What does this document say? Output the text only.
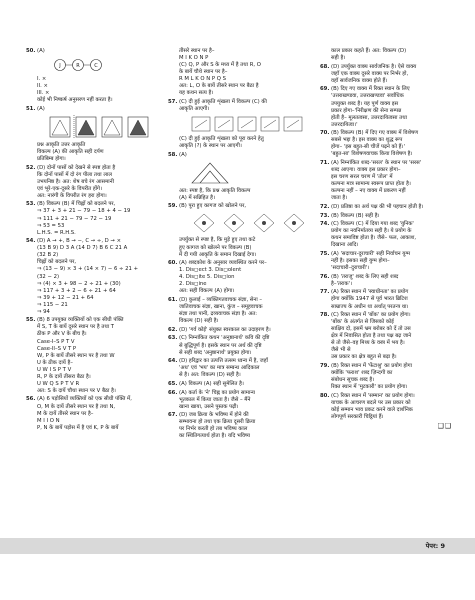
50. (A)

J	R	C

I. ×

II. ×

III. ×

कोई भी निष्कर्ष अनुसरण नहीं करता है।

51. (A)

प्रश्न आकृति उत्तर आकृति

विकल्प (A) की आकृति सही दर्पण

प्रतिबिम्ब होगा।

52. (D) दोनों पासों को देखने से स्पष्ट होता है

कि दोनों पासों में दो रंग पीला तथा लाल

उभयनिष्ठ है। अत: शेष बचे रंग आसमानी

एवं भूरे-एक-दूसरे के विपरीत होंगे।

अत: नारंगी के विपरीत रंग हरा होगा।

53. (B) विकल्प (B) में चिह्नों को बदलने पर,

⇒ 37 + 3 + 21 − 79 − 18 + 4 − 19

⇒ 111 + 21 − 79 − 72 − 19

⇒ 53 = 53

L.H.S. = R.H.S.

54. (D) A → +, B → −, C → ÷, D → ×

(13 B 9) D 3 A (14 D 7) B 6 C 21 A

(32 B 2)

चिह्नों को बदलने पर,

⇒ (13 − 9) × 3 + (14 × 7) − 6 ÷ 21 +

(32 − 2)

⇒ (4) × 3 + 98 − 2 ÷ 21 + (30)

⇒ 117 + 3 + 2 − 6 ÷ 21 + 64

⇒ 39 + 12 − 21 + 64

⇒ 115 − 21

⇒ 94

55. (B) 8 उपयुक्त व्यक्तियों को एक सीधी पंक्ति

में S, T के बायें दूसरे स्थान पर है तथा T

ठीक P और V के बीच है।

Case-I–S P T V

Case-II–S V T P

W, P के बायें तीसरे स्थान पर है तथा W

U के ठीक दायें है–

U W I S P T V

R, P के दायें तीसरा बैठा है।

U W Q S P T V R

अत: S के दायें चौथा स्थान पर V बैठा है।

56. (A) 6 पड़ोसियों व्यक्तियों को एक सीधी पंक्ति में,

O, M के दायें तीसरे स्थान पर है तथा N,

M के दायें तीसरे स्थान पर है–

M I I O N

P, N के बायें पड़ोस में है एवं K, P के बायें

तीसरे स्थान पर है–

M I K O N P

(C) Q, P और S के मध्य में है तथा R, O

के बायें चौथे स्थान पर है–

R M L K O N P Q S

अत: L, O के बायें तीसरे स्थान पर बैठा है

यह कथन सत्य है।

57. (C) दी हुई आकृति शृंखला में विकल्प (C) की

आकृति आएगी।

(C) दी हुई आकृति शृंखला को पूरा करने हेतु

आकृति (?) के स्थान पर आएगी।

58. (A)

अत: स्पष्ट है, कि प्रश्न आकृति विकल्प

(A) में सन्निहित है।

59. (B) पूरा हुए कागज को खोलने पर,

उपर्युक्त से स्पष्ट है, कि मुड़े हुए तथा कटे

हुए कागज को खोलने पर विकल्प (B)

में दी गयी आकृति के समान दिखाई देगा।

60. (A) शब्दकोश के अनुसार व्यवस्थित करने पर–

1. Dis◻ect 3. Dis◻olent

4. Dis◻ite 5. Dis◻ion

2. Dis◻ine

अत: सही विकल्प (A) होगा।

61. (D) कुलाई – व्यक्तिगतवाचक संज्ञा, सेना –

जातिवाचक संज्ञा, खाना, कुंज – समूहवाचक

संज्ञा तथा पानी, द्रव्यवाचक संज्ञा है। अत:

विकल्प (D) सही है।

62. (D) 'गर्व कोई' संयुक्त स्वरकाल का उदाहरण है।

63. (C) निम्नांकित कथन 'अनुष्ठानार्थ' कवि की दृष्टि

से बुद्धिपूर्ण है। इसके स्थान पर अर्थ की दृष्टि

से सही शब्द 'अनुष्ठानार्थ' प्रयुक्त होगा।

64. (D) हरिद्वार का उत्पत्ति तत्सम ध्वन्य में है, जहाँ

'अध' एवं 'भय' का मात्र सम्बन्ध आदिकाल

से है। अत: विकल्प (D) सही है।

65. (A) विकल्प (A) सही सुमेलित है।

66. (A) कर्ता के 'ने' चिह्न का प्रयोग सामान्य

भूतकाल में किया जाता है। जैसे – मैंने

खाना खाया, उसने पुस्तक पढ़ी।

67. (D) जब क्रिया के भविष्य में होने की

सम्भावना हो तथा एक क्रिया दूसरी क्रिया

पर निर्भर करती हो तब भविष्य काल

का स्थितिगत्यार्थ होता है। यदि भविष्य

काल प्रकार कहते हैं। अत: विकल्प (D)

सही है।

68. (D) उपर्युक्त वाक्य सार्वजनिक है। ऐसे वाक्य

जहाँ एक वाक्य दूसरे वाक्य पर निर्भर हो,

वहाँ सार्वजनिक वाक्य होते हैं।

69. (B) दिए गए वाक्य में रिक्त स्थान के लिए

'उत्तराखण्डवा, उत्तराखण्डवा' सर्वाधिक

उपयुक्त शब्द है। यह पूर्ण वाक्य इस

प्रकार होगा–'निरीक्षण की सेना सम्पन्न

होती है– मूलतत्वसा, उत्तरदायित्वसा तथा

उत्तरदायित्वा।'

70. (B) विकल्प (B) में दिए गए वाक्य में विशेषण

सबसे भद्दा है। इस वाक्य का शुद्ध रूप

होगा– 'इस बहुत-सी चीजें पढ़ने को हैं।'

'बहुत-सा' विशेषणवाचक किया विशेषण है।

71. (A) निम्नांकित शब्द-'सरल' के स्थान पर 'सरस'

शब्द आएगा। वाक्य इस प्रकार होगा–

इस चरण सरल चरण में 'तोल' में

कल्पना मात्र सामान्य स्वरूप प्राप्त होता है।

कल्पना नहीं – नए वाक्य में प्रकरण नहीं

जाता है।

72. (D) प्रतिष्ठा का अर्थ पक्ष की भी पहचान होती है।

73. (B) विकल्प (B) सही है।

74. (C) विकल्प (C) में दिया गया शब्द 'युनिक'

प्रयोग का नवनिर्मातव्य सही है। ये प्रयोग के

कथन समाविष्ट होता है। जैसे– फल, आकाश,

दिखाना आदि।

75. (A) 'सदाचार-दुराचारी' सही निर्वाचन युग्म

नहीं है। इसका सही युग्म होगा–

'सदाचारी–दुराचारी'।

76. (B) 'तराजू' शब्द के लिए सही शब्द

है–'तराक'।

77. (A) रिक्त स्थान में 'स्वाधीनता' का प्रयोग

होगा क्योंकि 1947 से पूर्व भारत ब्रिटिश

साम्राज्य के अधीन था अर्थात् परतन्त्र था।

78. (C) रिक्त स्थान में 'बोंक' का प्रयोग होगा।

'बोंक' के अंतर्गत से जिसको कोई

साक्षिय दो, इसमें भ्रम बरोबर को दें तो उस

क्षेत्र में निवासित होता है तथा पक्ष बढ़ जाने

से तो जैसे–वह मिथ्य के वस्त्र में भय है।

जैसे भी से

उस प्रकार का क्षेत्र बहुत से बढ़ा है।

79. (B) रिक्त स्थान में 'फेंटाश्रु' का प्रयोग होगा

क्योंकि 'फराश' शब्द ज़िन्दगी का

संबोधन सूचक शब्द है।

रिक्त स्थान में 'मुटकारी' का प्रयोग होगा।

80. (C) रिक्त स्थान में 'सम्मान' का प्रयोग होगा।

याचक के आचरण बदले पर उस प्रकार को

कोई सम्मान भाव प्रकट करने वाले दार्शनिक

लोगपूर्ण सरकारी चिट्ठियां हैं।

❑❑
पेपर: 9
